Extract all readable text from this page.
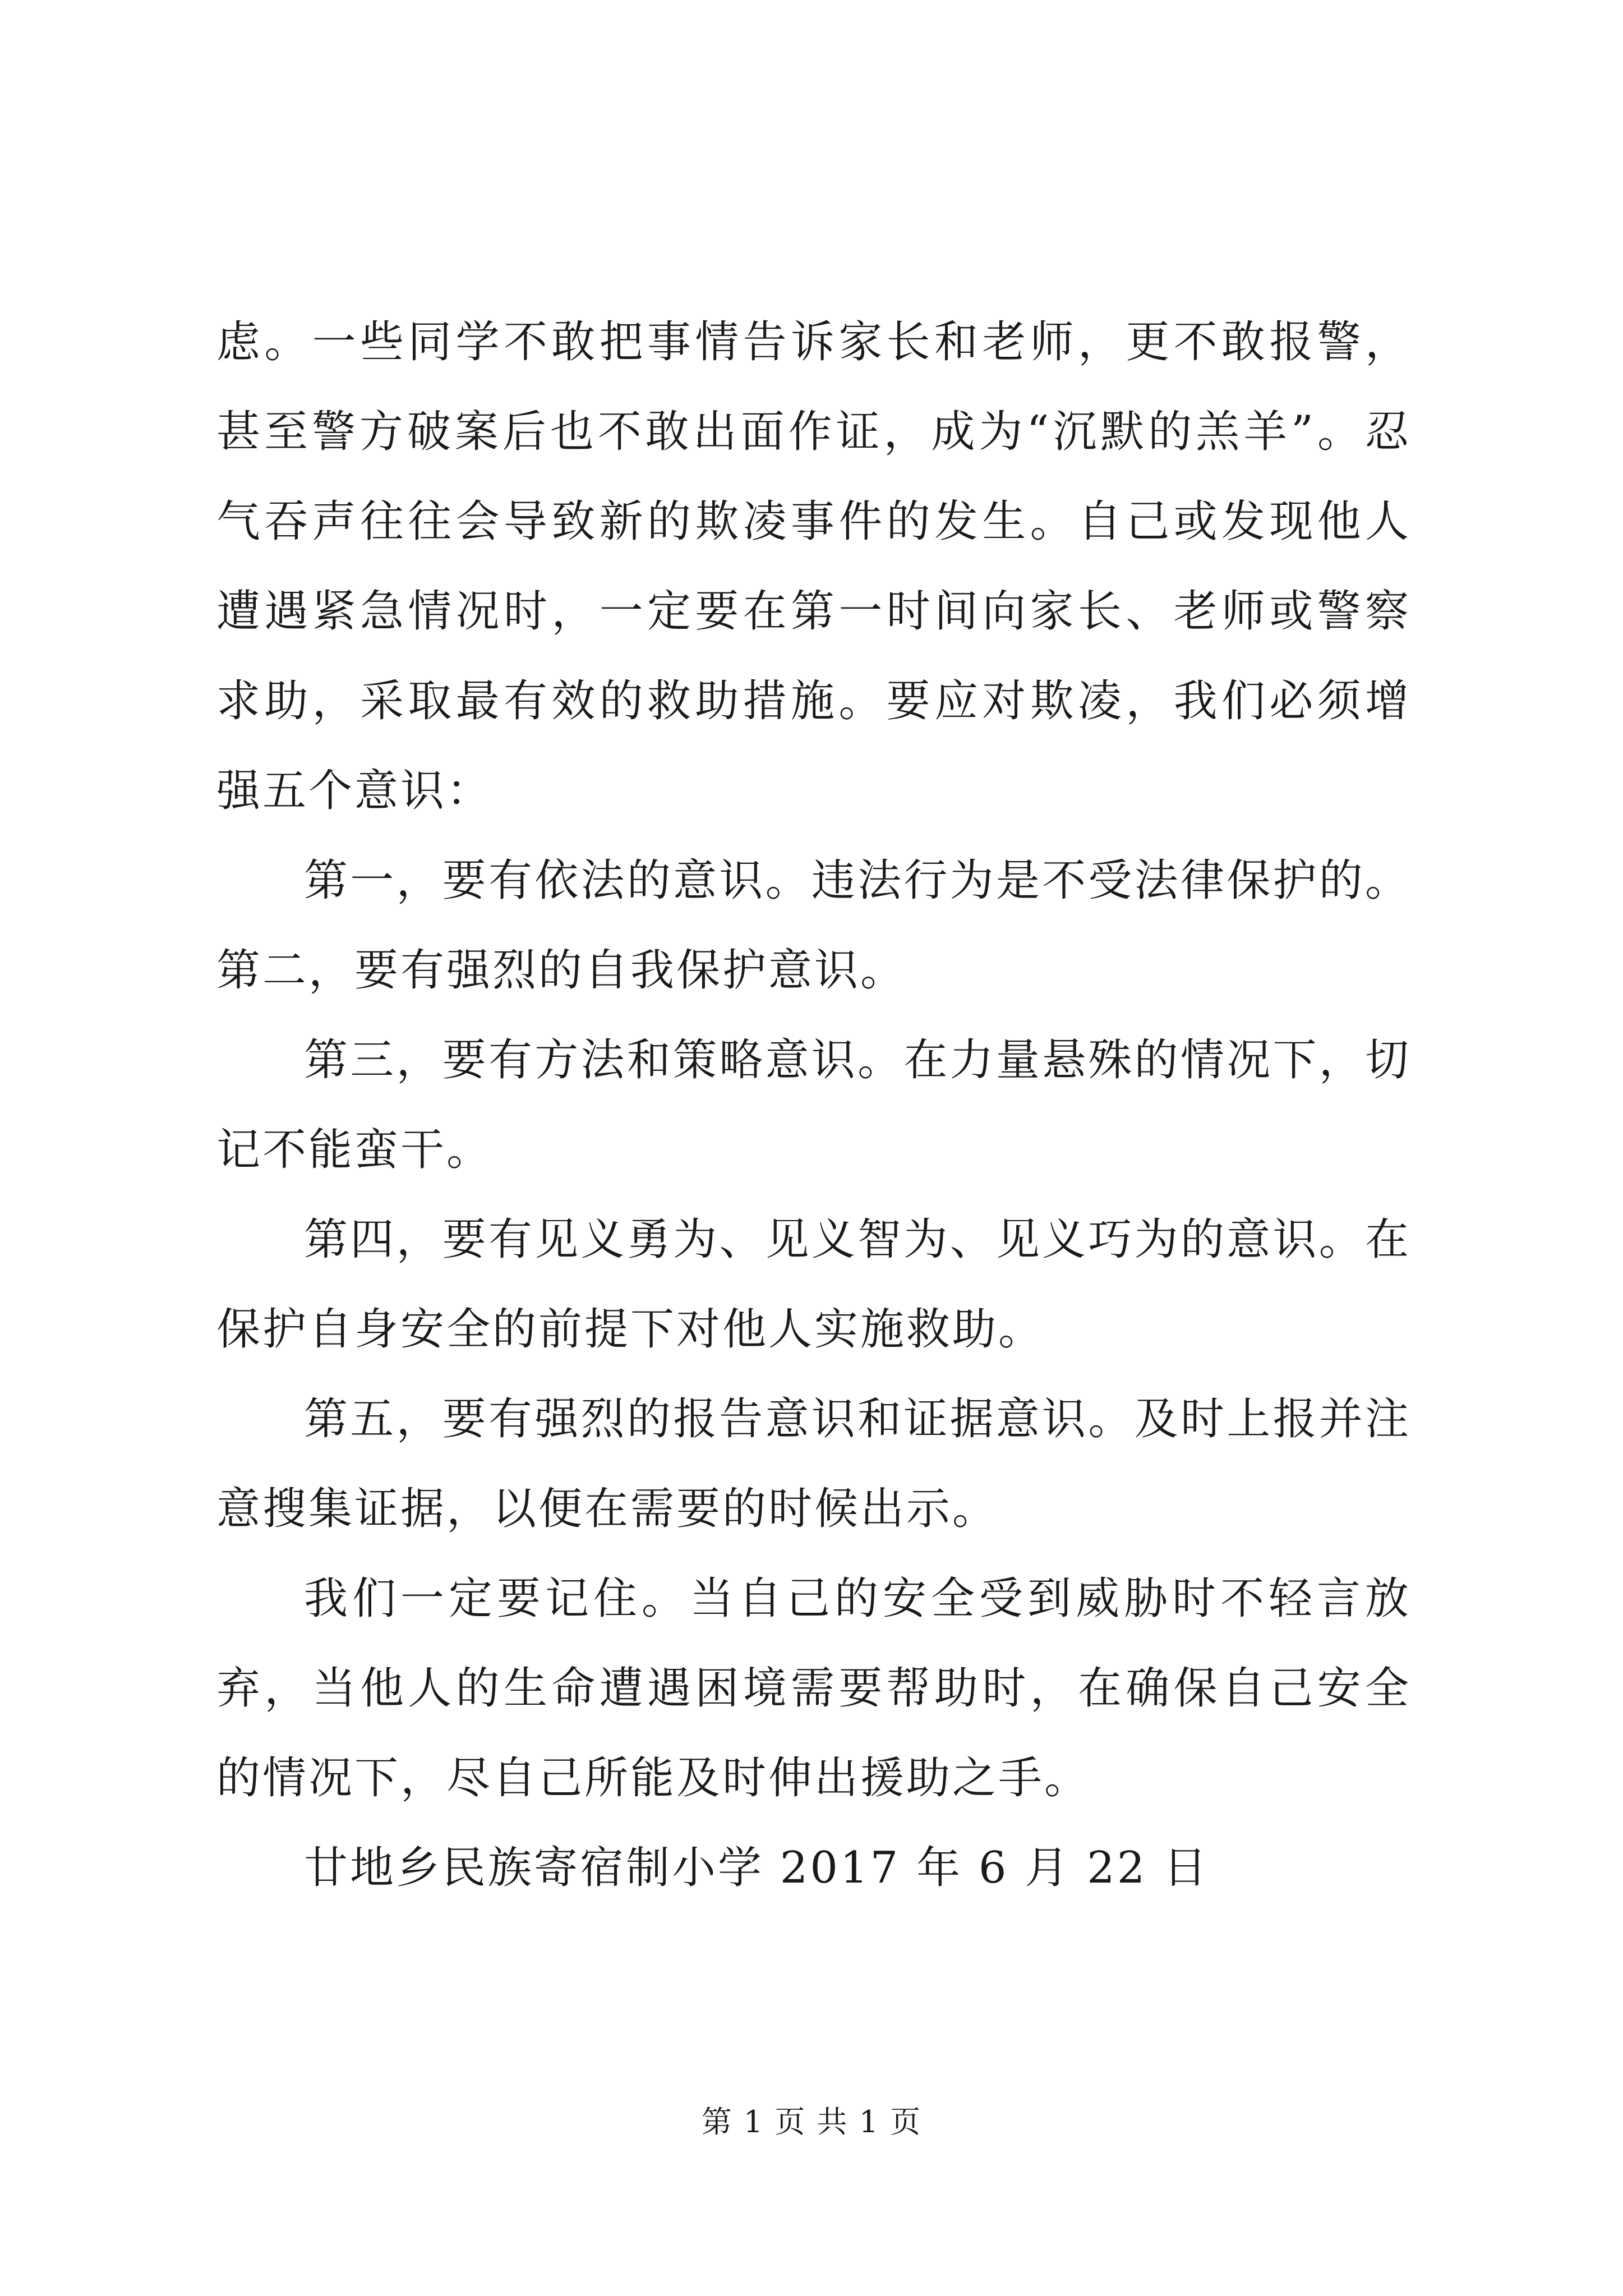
虑。一些同学不敢把事情告诉家长和老师，更不敢报警，甚至警方破案后也不敢出面作证，成为“沉默的羔羊”。忍气吞声往往会导致新的欺凌事件的发生。自己或发现他人遭遇紧急情况时，一定要在第一时间向家长、老师或警察求助，采取最有效的救助措施。要应对欺凌，我们必须增强五个意识：

第一，要有依法的意识。违法行为是不受法律保护的。第二，要有强烈的自我保护意识。

第三，要有方法和策略意识。在力量悬殊的情况下，切记不能蛮干。

第四，要有见义勇为、见义智为、见义巧为的意识。在保护自身安全的前提下对他人实施救助。

第五，要有强烈的报告意识和证据意识。及时上报并注意搜集证据，以便在需要的时候出示。

我们一定要记住。当自己的安全受到威胁时不轻言放弃，当他人的生命遭遇困境需要帮助时，在确保自己安全的情况下，尽自己所能及时伸出援助之手。

廿地乡民族寄宿制小学 2017 年 6 月 22 日

第 1 页 共 1 页
